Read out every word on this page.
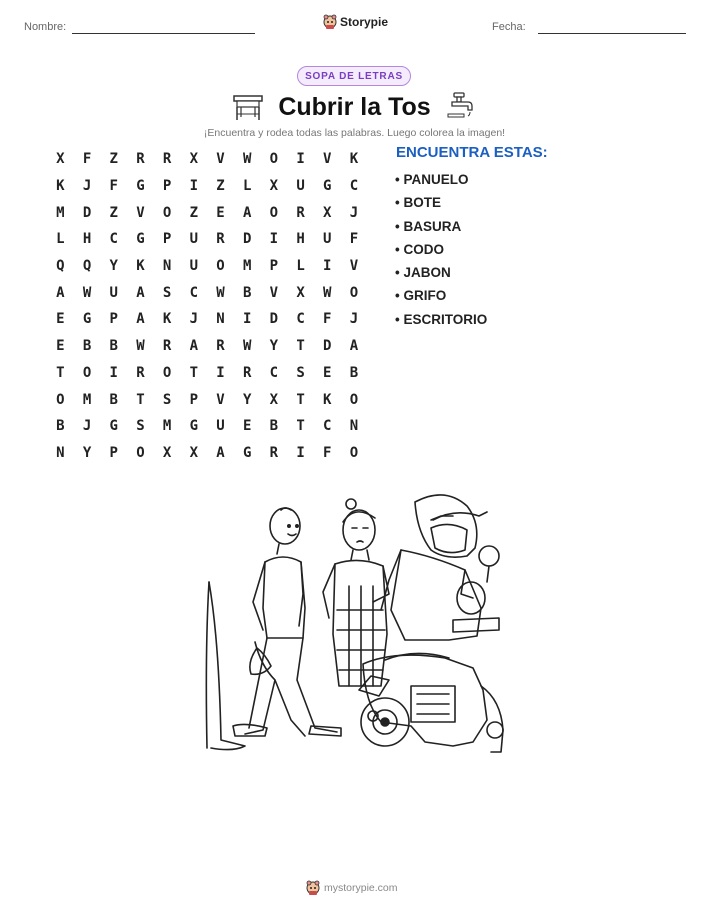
Nombre:	Storypie	Fecha:
SOPA DE LETRAS
Cubrir la Tos
¡Encuentra y rodea todas las palabras. Luego colorea la imagen!
X	F	Z	R	R	X	V	W	O	I	V	K
K	J	F	G	P	I	Z	L	X	U	G	C
M	D	Z	V	O	Z	E	A	O	R	X	J
L	H	C	G	P	U	R	D	I	H	U	F
Q	Q	Y	K	N	U	O	M	P	L	I	V
A	W	U	A	S	C	W	B	V	X	W	O
E	G	P	A	K	J	N	I	D	C	F	J
E	B	B	W	R	A	R	W	Y	T	D	A
T	O	I	R	O	T	I	R	C	S	E	B
O	M	B	T	S	P	V	Y	X	T	K	O
B	J	G	S	M	G	U	E	B	T	C	N
N	Y	P	O	X	X	A	G	R	I	F	O
ENCUENTRA ESTAS:
• PANUELO
• BOTE
• BASURA
• CODO
• JABON
• GRIFO
• ESCRITORIO
mystorypie.com
